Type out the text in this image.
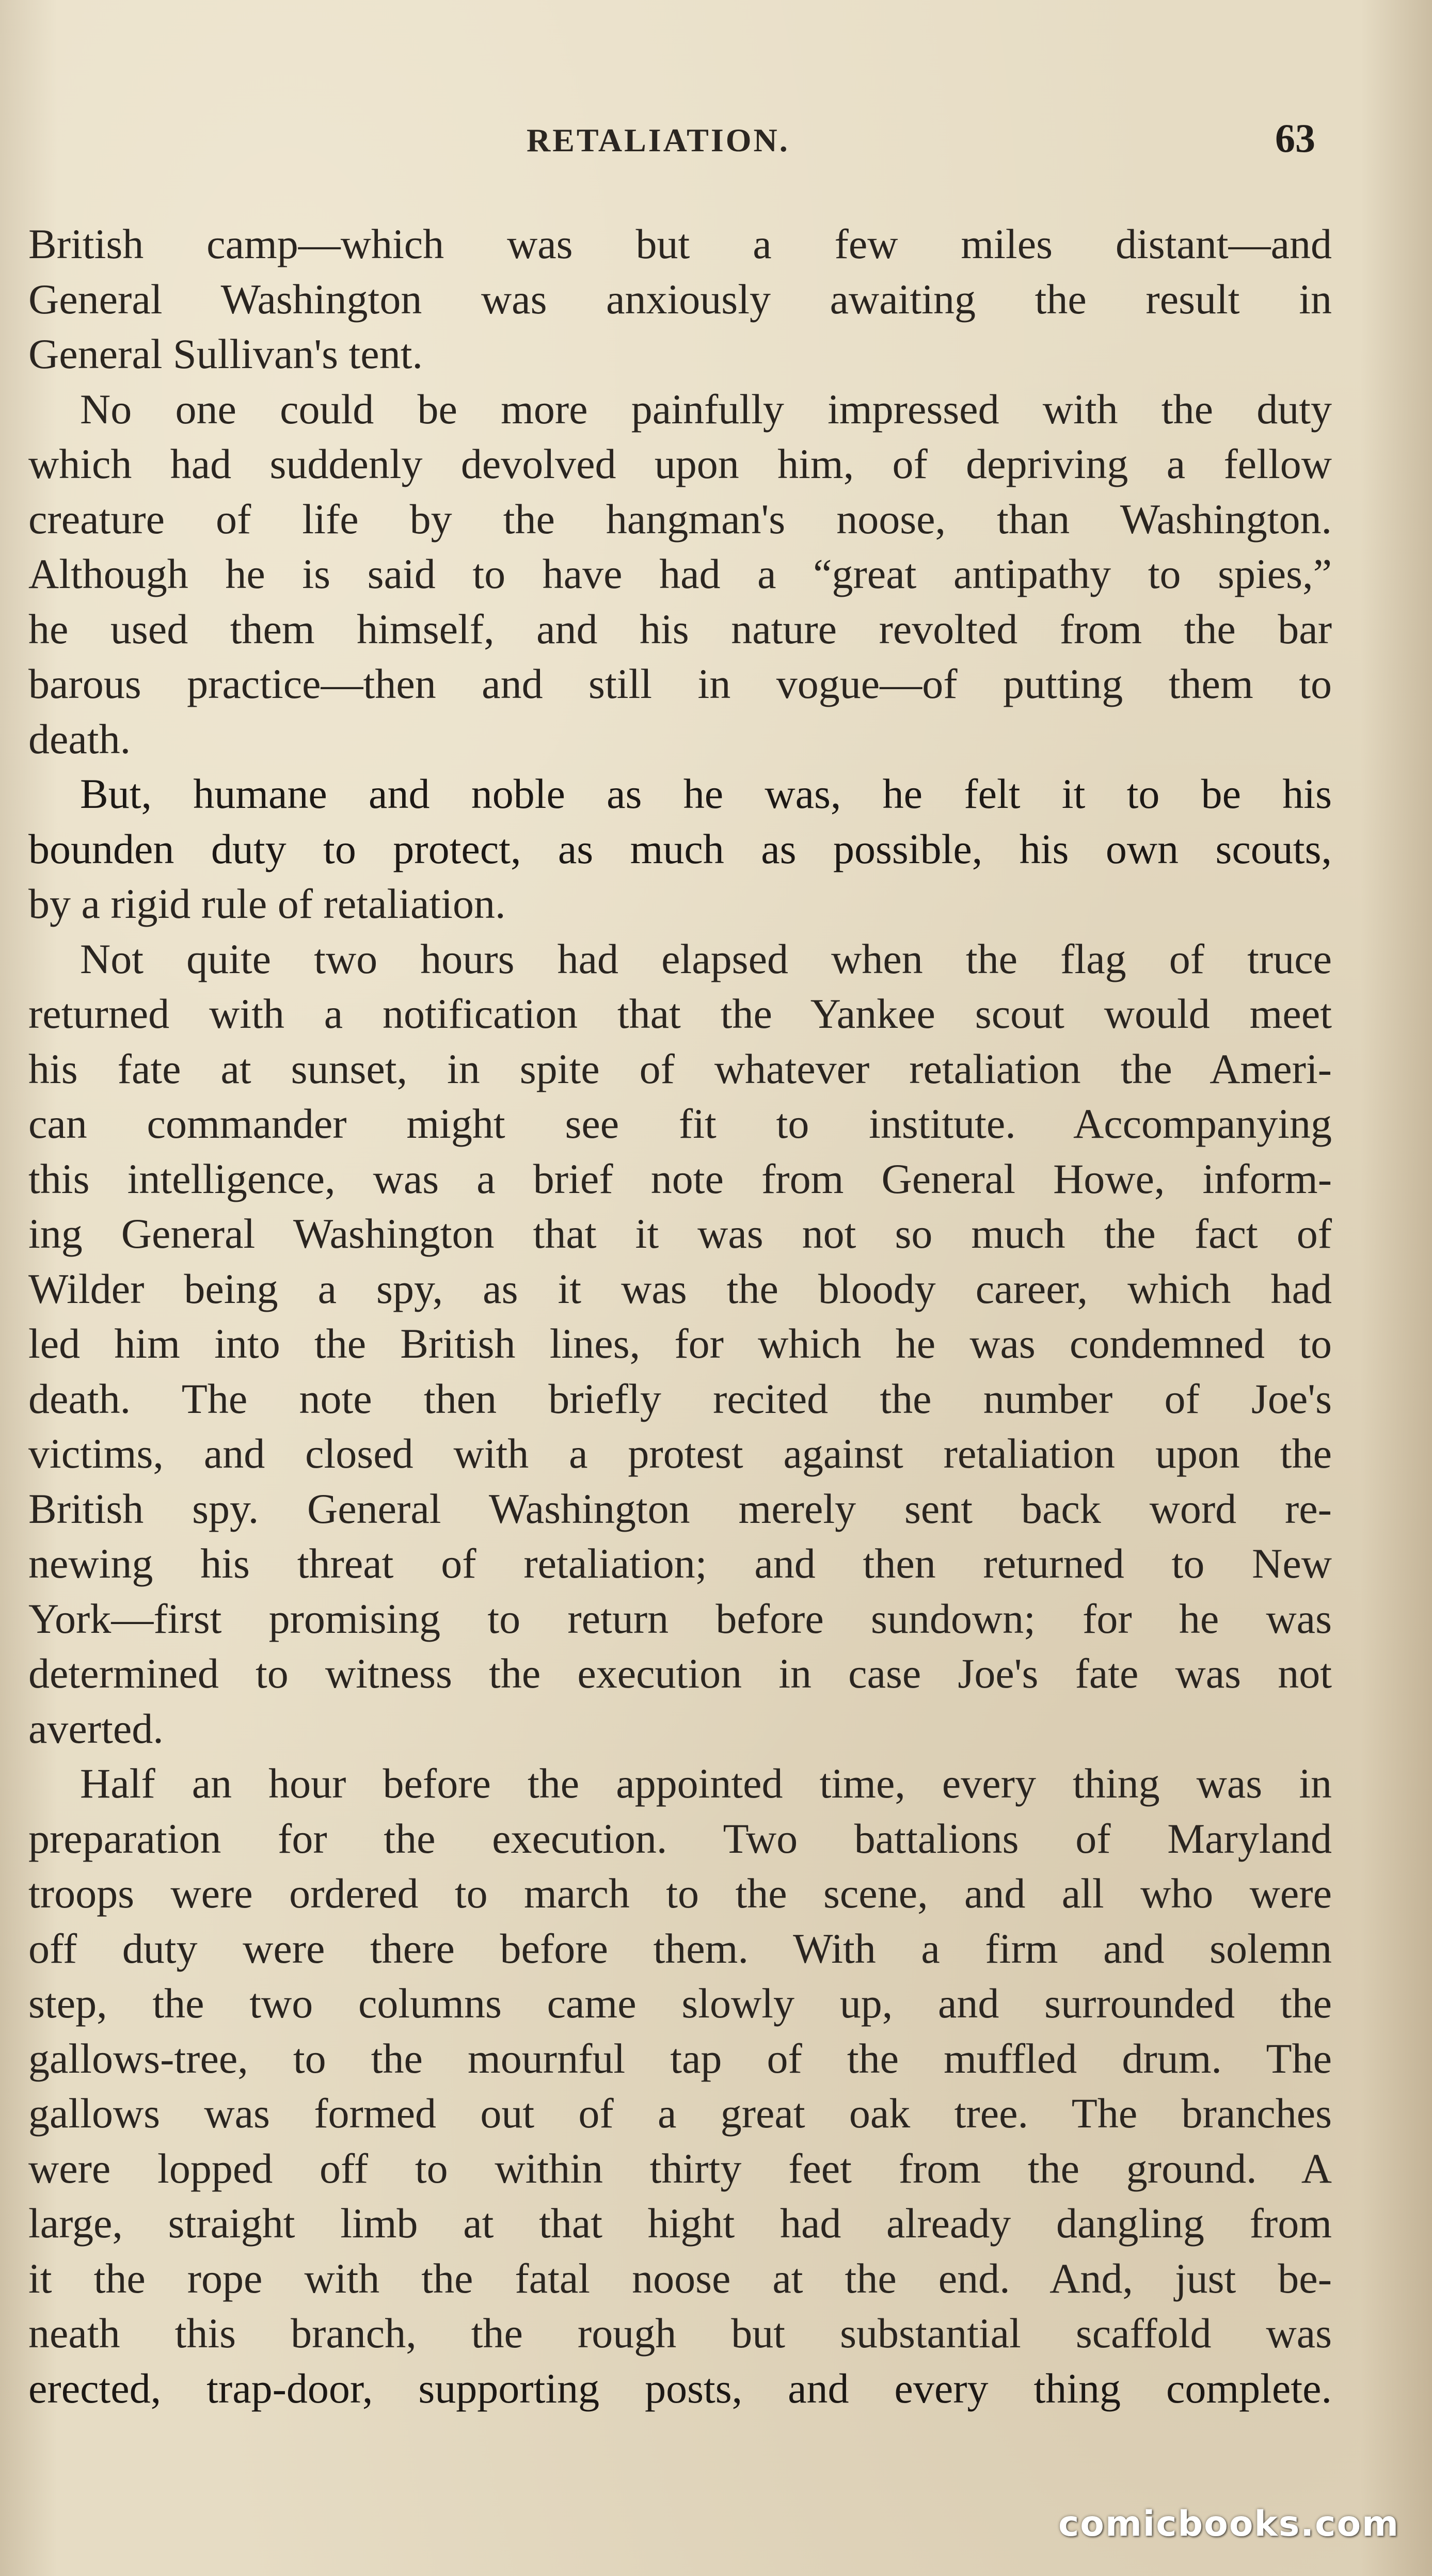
RETALIATION.	63
British camp—which was but a few miles distant—and
General Washington was anxiously awaiting the result in
General Sullivan's tent.
No one could be more painfully impressed with the duty
which had suddenly devolved upon him, of depriving a fellow
creature of life by the hangman's noose, than Washington.
Although he is said to have had a “great antipathy to spies,”
he used them himself, and his nature revolted from the bar
barous practice—then and still in vogue—of putting them to
death.
But, humane and noble as he was, he felt it to be his
bounden duty to protect, as much as possible, his own scouts,
by a rigid rule of retaliation.
Not quite two hours had elapsed when the flag of truce
returned with a notification that the Yankee scout would meet
his fate at sunset, in spite of whatever retaliation the Ameri-
can commander might see fit to institute. Accompanying
this intelligence, was a brief note from General Howe, inform-
ing General Washington that it was not so much the fact of
Wilder being a spy, as it was the bloody career, which had
led him into the British lines, for which he was condemned to
death. The note then briefly recited the number of Joe's
victims, and closed with a protest against retaliation upon the
British spy. General Washington merely sent back word re-
newing his threat of retaliation; and then returned to New
York—first promising to return before sundown; for he was
determined to witness the execution in case Joe's fate was not
averted.
Half an hour before the appointed time, every thing was in
preparation for the execution. Two battalions of Maryland
troops were ordered to march to the scene, and all who were
off duty were there before them. With a firm and solemn
step, the two columns came slowly up, and surrounded the
gallows-tree, to the mournful tap of the muffled drum. The
gallows was formed out of a great oak tree. The branches
were lopped off to within thirty feet from the ground. A
large, straight limb at that hight had already dangling from
it the rope with the fatal noose at the end. And, just be-
neath this branch, the rough but substantial scaffold was
erected, trap-door, supporting posts, and every thing complete.
comicbooks.com
